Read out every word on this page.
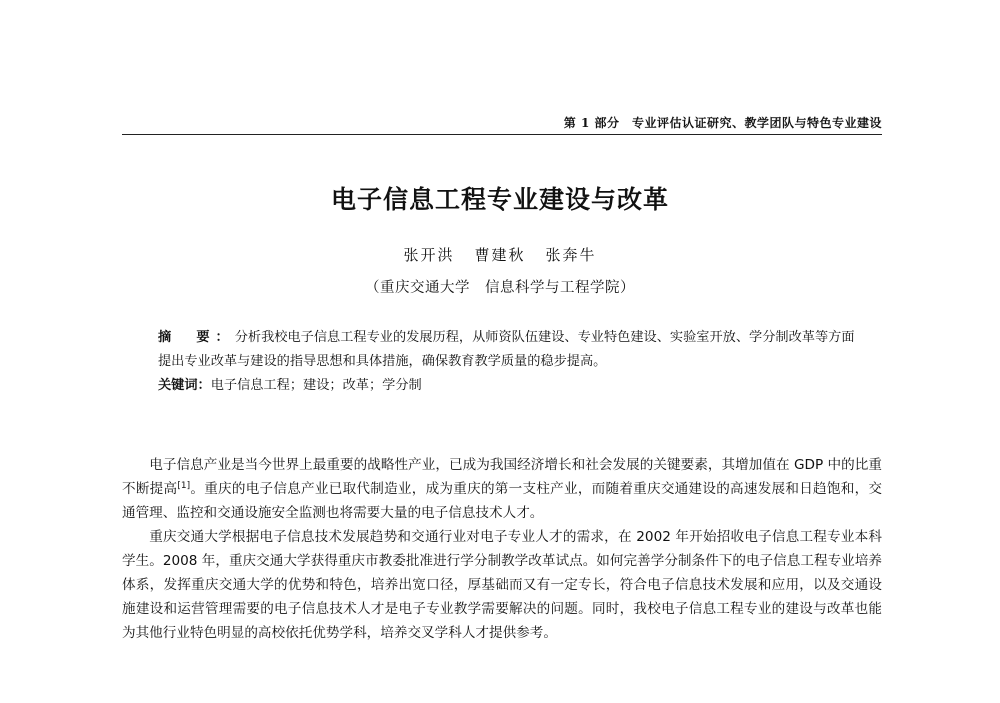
第 1 部分　专业评估认证研究、教学团队与特色专业建设
电子信息工程专业建设与改革
张开洪 曹建秋 张奔牛
（重庆交通大学　信息科学与工程学院）
摘　要：分析我校电子信息工程专业的发展历程，从师资队伍建设、专业特色建设、实验室开放、学分制改革等方面提出专业改革与建设的指导思想和具体措施，确保教育教学质量的稳步提高。
关键词：电子信息工程；建设；改革；学分制

电子信息产业是当今世界上最重要的战略性产业，已成为我国经济增长和社会发展的关键要素，其增加值在 GDP 中的比重不断提高[1]。重庆的电子信息产业已取代制造业，成为重庆的第一支柱产业，而随着重庆交通建设的高速发展和日趋饱和，交通管理、监控和交通设施安全监测也将需要大量的电子信息技术人才。

重庆交通大学根据电子信息技术发展趋势和交通行业对电子专业人才的需求，在 2002 年开始招收电子信息工程专业本科学生。2008 年，重庆交通大学获得重庆市教委批准进行学分制教学改革试点。如何完善学分制条件下的电子信息工程专业培养体系，发挥重庆交通大学的优势和特色，培养出宽口径，厚基础而又有一定专长，符合电子信息技术发展和应用，以及交通设施建设和运营管理需要的电子信息技术人才是电子专业教学需要解决的问题。同时，我校电子信息工程专业的建设与改革也能为其他行业特色明显的高校依托优势学科，培养交叉学科人才提供参考。
